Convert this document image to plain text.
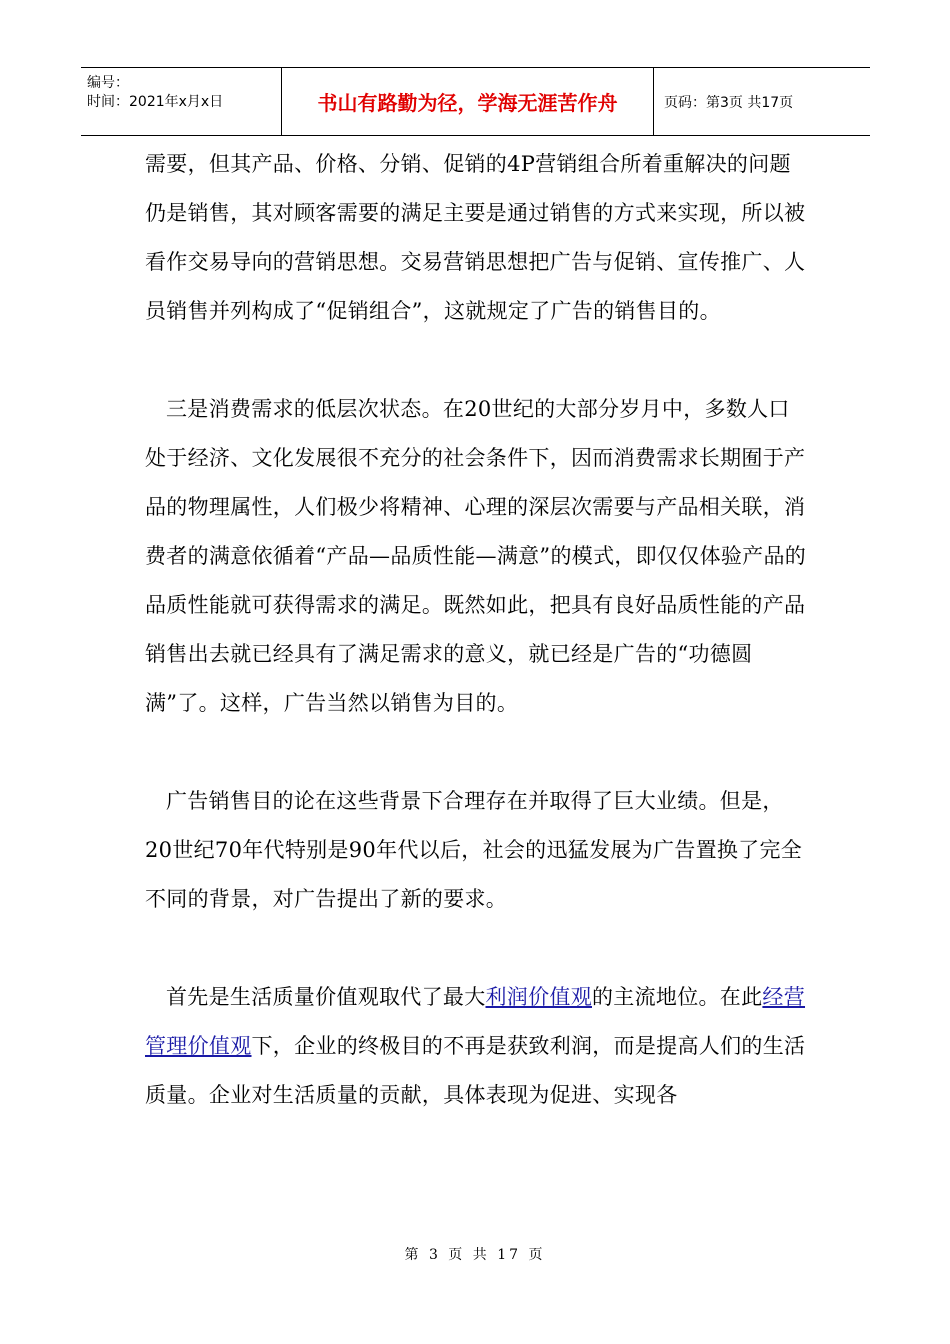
编号：
时间：2021年x月x日	书山有路勤为径，学海无涯苦作舟	页码：第3页 共17页

需要，但其产品、价格、分销、促销的4P营销组合所着重解决的问题仍是销售，其对顾客需要的满足主要是通过销售的方式来实现，所以被看作交易导向的营销思想。交易营销思想把广告与促销、宣传推广、人员销售并列构成了“促销组合”，这就规定了广告的销售目的。

三是消费需求的低层次状态。在20世纪的大部分岁月中，多数人口处于经济、文化发展很不充分的社会条件下，因而消费需求长期囿于产品的物理属性，人们极少将精神、心理的深层次需要与产品相关联，消费者的满意依循着“产品—品质性能—满意”的模式，即仅仅体验产品的品质性能就可获得需求的满足。既然如此，把具有良好品质性能的产品销售出去就已经具有了满足需求的意义，就已经是广告的“功德圆满”了。这样，广告当然以销售为目的。

广告销售目的论在这些背景下合理存在并取得了巨大业绩。但是，20世纪70年代特别是90年代以后，社会的迅猛发展为广告置换了完全不同的背景，对广告提出了新的要求。

首先是生活质量价值观取代了最大利润价值观的主流地位。在此经营管理价值观下，企业的终极目的不再是获致利润，而是提高人们的生活质量。企业对生活质量的贡献，具体表现为促进、实现各

第 3 页 共 17 页
